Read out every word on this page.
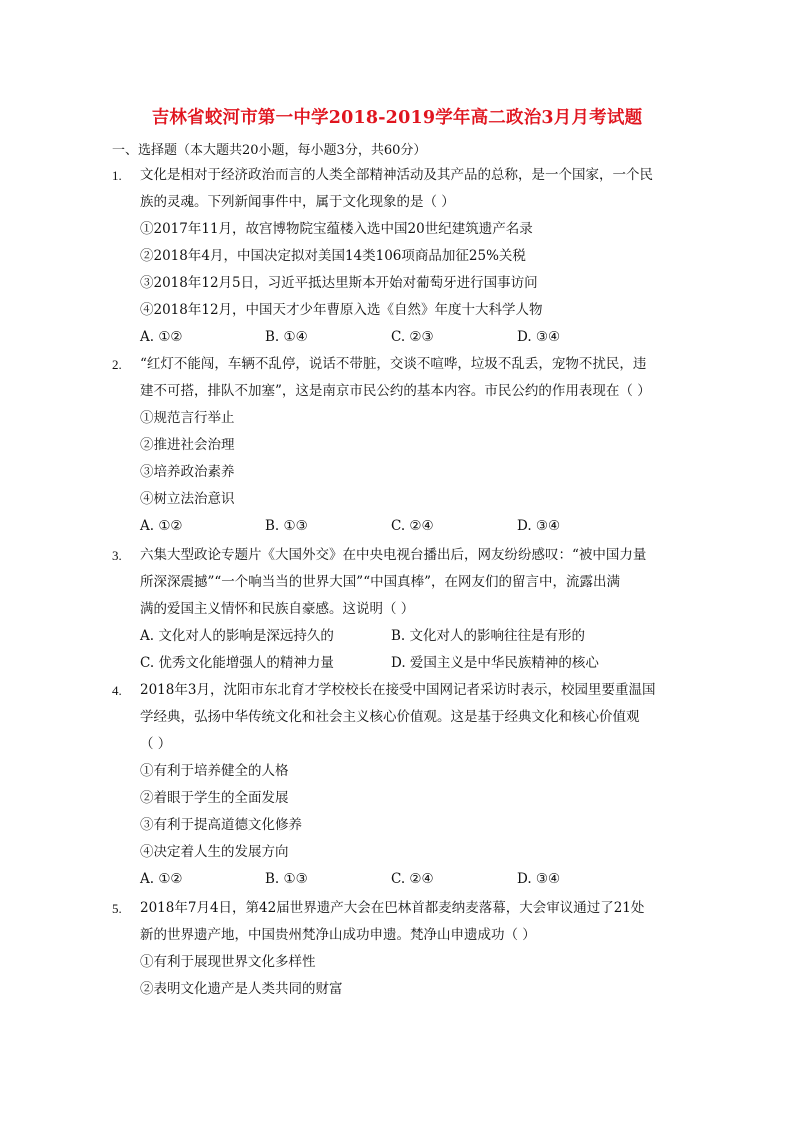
吉林省蛟河市第一中学2018-2019学年高二政治3月月考试题
一、选择题（本大题共20小题，每小题3分，共60分）
1.	文化是相对于经济政治而言的人类全部精神活动及其产品的总称，是一个国家，一个民
族的灵魂。下列新闻事件中，属于文化现象的是（ ）
①2017年11月，故宫博物院宝蕴楼入选中国20世纪建筑遗产名录
②2018年4月，中国决定拟对美国14类106项商品加征25%关税
③2018年12月5日，习近平抵达里斯本开始对葡萄牙进行国事访问
④2018年12月，中国天才少年曹原入选《自然》年度十大科学人物
A. ①②	B. ①④	C. ②③	D. ③④
2.	“红灯不能闯，车辆不乱停，说话不带脏，交谈不喧哗，垃圾不乱丢，宠物不扰民，违
建不可搭，排队不加塞”，这是南京市民公约的基本内容。市民公约的作用表现在（ ）
①规范言行举止
②推进社会治理
③培养政治素养
④树立法治意识
A. ①②	B. ①③	C. ②④	D. ③④
3.	六集大型政论专题片《大国外交》在中央电视台播出后，网友纷纷感叹：“被中国力量
所深深震撼”“一个响当当的世界大国”“中国真棒”，在网友们的留言中，流露出满
满的爱国主义情怀和民族自豪感。这说明（ ）
A. 文化对人的影响是深远持久的	B. 文化对人的影响往往是有形的
C. 优秀文化能增强人的精神力量	D. 爱国主义是中华民族精神的核心
4.	2018年3月，沈阳市东北育才学校校长在接受中国网记者采访时表示，校园里要重温国
学经典，弘扬中华传统文化和社会主义核心价值观。这是基于经典文化和核心价值观
（ ）
①有利于培养健全的人格
②着眼于学生的全面发展
③有利于提高道德文化修养
④决定着人生的发展方向
A. ①②	B. ①③	C. ②④	D. ③④
5.	2018年7月4日，第42届世界遗产大会在巴林首都麦纳麦落幕，大会审议通过了21处
新的世界遗产地，中国贵州梵净山成功申遗。梵净山申遗成功（ ）
①有利于展现世界文化多样性
②表明文化遗产是人类共同的财富
